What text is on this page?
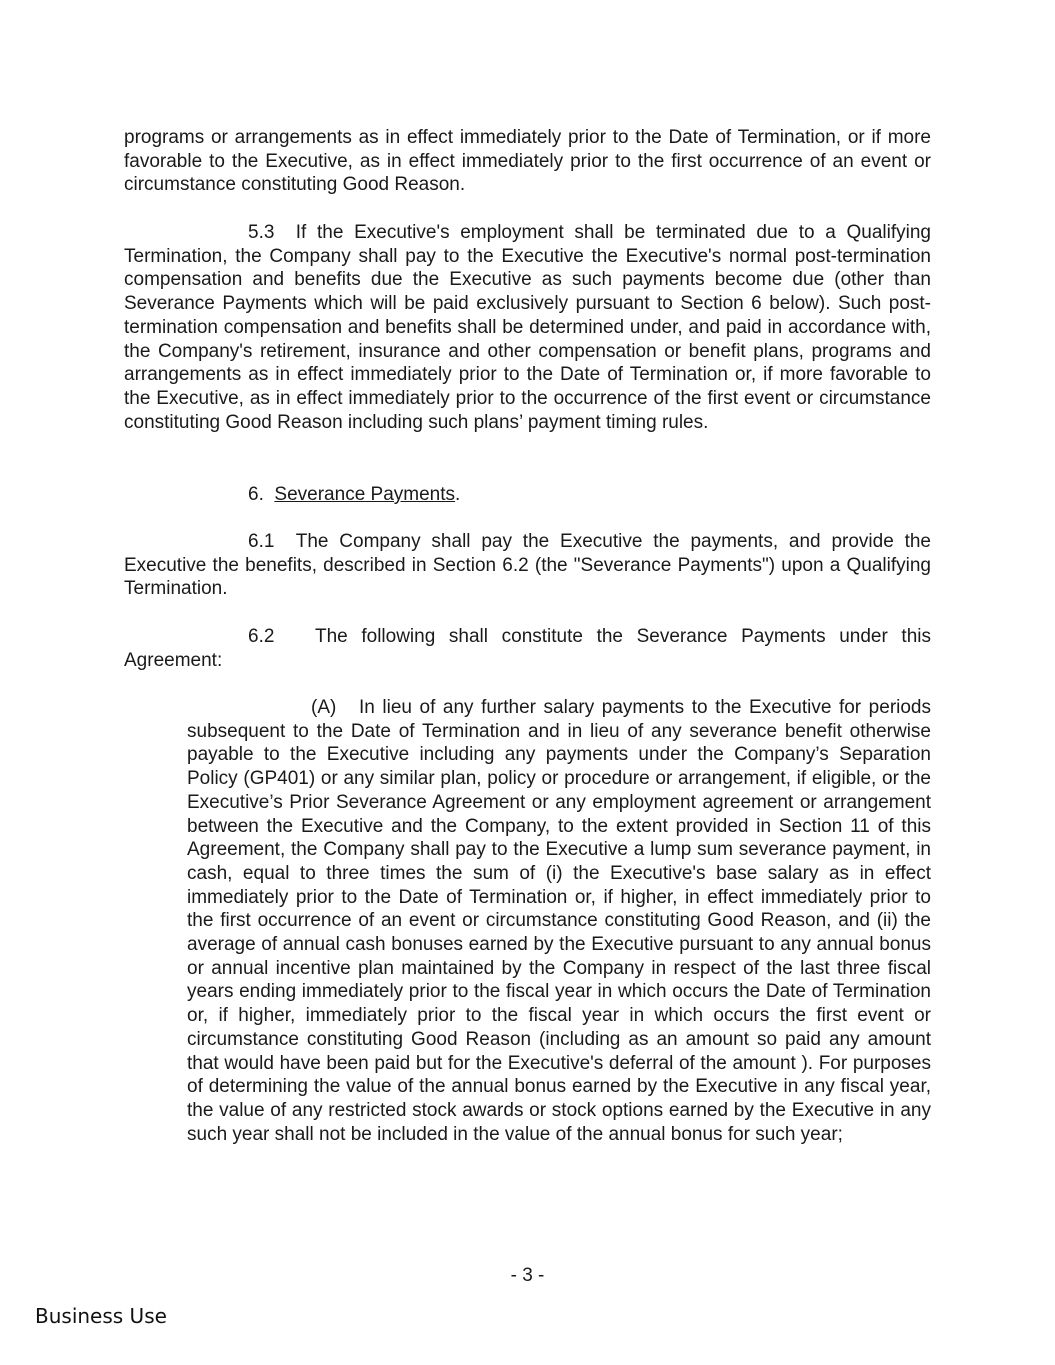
programs or arrangements as in effect immediately prior to the Date of Termination, or if more favorable to the Executive, as in effect immediately prior to the first occurrence of an event or circumstance constituting Good Reason.

5.3 If the Executive's employment shall be terminated due to a Qualifying Termination, the Company shall pay to the Executive the Executive's normal post-termination compensation and benefits due the Executive as such payments become due (other than Severance Payments which will be paid exclusively pursuant to Section 6 below). Such post-termination compensation and benefits shall be determined under, and paid in accordance with, the Company's retirement, insurance and other compensation or benefit plans, programs and arrangements as in effect immediately prior to the Date of Termination or, if more favorable to the Executive, as in effect immediately prior to the occurrence of the first event or circumstance constituting Good Reason including such plans’ payment timing rules.

6. Severance Payments.

6.1 The Company shall pay the Executive the payments, and provide the Executive the benefits, described in Section 6.2 (the "Severance Payments") upon a Qualifying Termination.

6.2 The following shall constitute the Severance Payments under this Agreement:

(A) In lieu of any further salary payments to the Executive for periods subsequent to the Date of Termination and in lieu of any severance benefit otherwise payable to the Executive including any payments under the Company’s Separation Policy (GP401) or any similar plan, policy or procedure or arrangement, if eligible, or the Executive’s Prior Severance Agreement or any employment agreement or arrangement between the Executive and the Company, to the extent provided in Section 11 of this Agreement, the Company shall pay to the Executive a lump sum severance payment, in cash, equal to three times the sum of (i) the Executive's base salary as in effect immediately prior to the Date of Termination or, if higher, in effect immediately prior to the first occurrence of an event or circumstance constituting Good Reason, and (ii) the average of annual cash bonuses earned by the Executive pursuant to any annual bonus or annual incentive plan maintained by the Company in respect of the last three fiscal years ending immediately prior to the fiscal year in which occurs the Date of Termination or, if higher, immediately prior to the fiscal year in which occurs the first event or circumstance constituting Good Reason (including as an amount so paid any amount that would have been paid but for the Executive's deferral of the amount ). For purposes of determining the value of the annual bonus earned by the Executive in any fiscal year, the value of any restricted stock awards or stock options earned by the Executive in any such year shall not be included in the value of the annual bonus for such year;

- 3 -
Business Use
